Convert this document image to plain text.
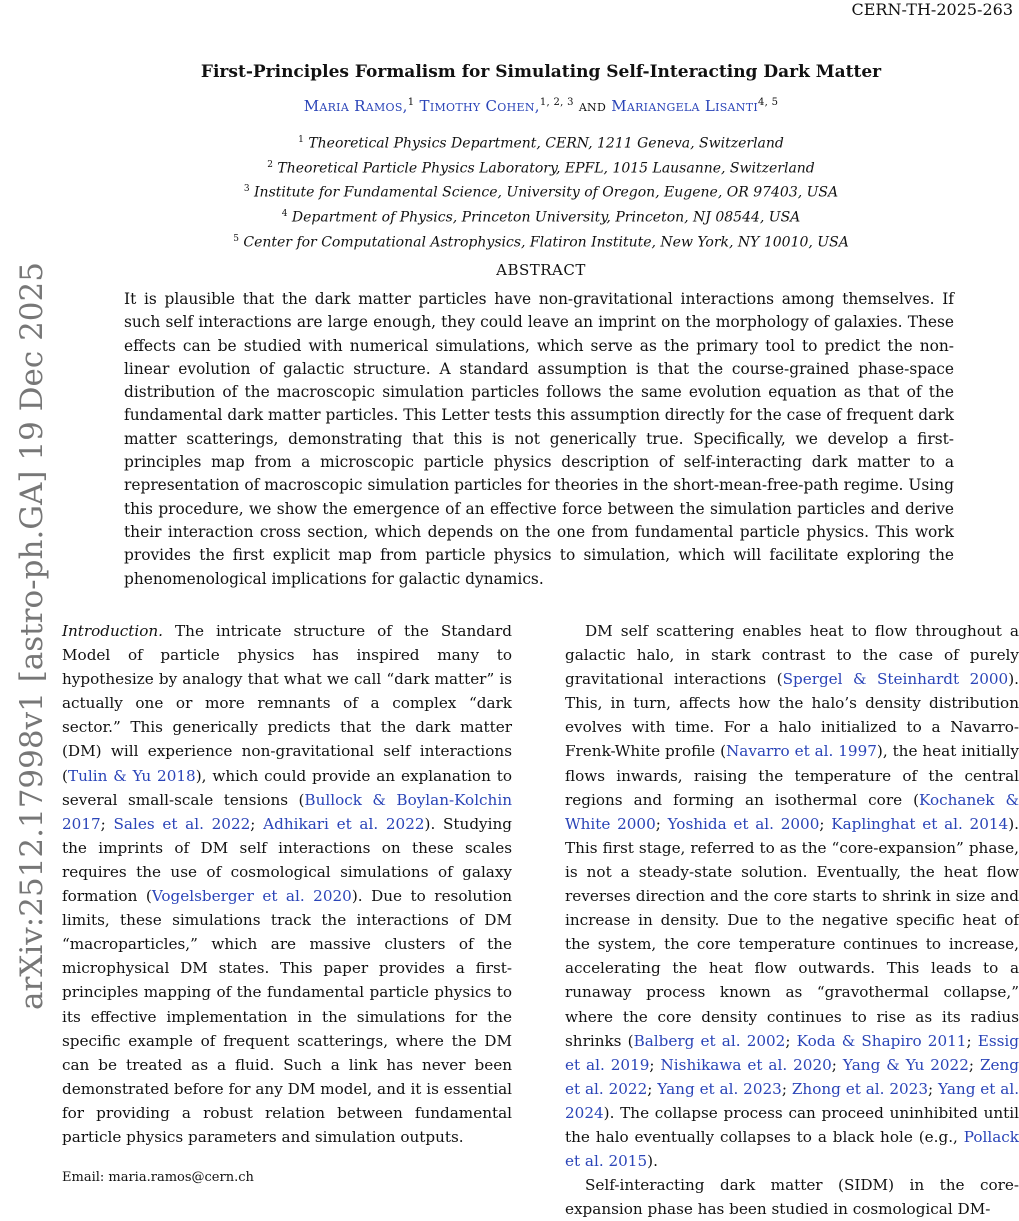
CERN-TH-2025-263
arXiv:2512.17998v1 [astro-ph.GA] 19 Dec 2025
First-Principles Formalism for Simulating Self-Interacting Dark Matter
Maria Ramos,$^1$ Timothy Cohen,$^{1, 2, 3}$ and Mariangela Lisanti$^{4, 5}$
$^1$ Theoretical Physics Department, CERN, 1211 Geneva, Switzerland
$^2$ Theoretical Particle Physics Laboratory, EPFL, 1015 Lausanne, Switzerland
$^3$ Institute for Fundamental Science, University of Oregon, Eugene, OR 97403, USA
$^4$ Department of Physics, Princeton University, Princeton, NJ 08544, USA
$^5$ Center for Computational Astrophysics, Flatiron Institute, New York, NY 10010, USA
ABSTRACT
It is plausible that the dark matter particles have non-gravitational interactions among themselves. If such self interactions are large enough, they could leave an imprint on the morphology of galaxies. These effects can be studied with numerical simulations, which serve as the primary tool to predict the non-linear evolution of galactic structure. A standard assumption is that the course-grained phase-space distribution of the macroscopic simulation particles follows the same evolution equation as that of the fundamental dark matter particles. This Letter tests this assumption directly for the case of frequent dark matter scatterings, demonstrating that this is not generically true. Specifically, we develop a first-principles map from a microscopic particle physics description of self-interacting dark matter to a representation of macroscopic simulation particles for theories in the short-mean-free-path regime. Using this procedure, we show the emergence of an effective force between the simulation particles and derive their interaction cross section, which depends on the one from fundamental particle physics. This work provides the first explicit map from particle physics to simulation, which will facilitate exploring the phenomenological implications for galactic dynamics.

Introduction. The intricate structure of the Standard Model of particle physics has inspired many to hypothesize by analogy that what we call “dark matter” is actually one or more remnants of a complex “dark sector.” This generically predicts that the dark matter (DM) will experience non-gravitational self interactions (Tulin & Yu 2018), which could provide an explanation to several small-scale tensions (Bullock & Boylan-Kolchin 2017; Sales et al. 2022; Adhikari et al. 2022). Studying the imprints of DM self interactions on these scales requires the use of cosmological simulations of galaxy formation (Vogelsberger et al. 2020). Due to resolution limits, these simulations track the interactions of DM “macroparticles,” which are massive clusters of the microphysical DM states. This paper provides a first-principles mapping of the fundamental particle physics to its effective implementation in the simulations for the specific example of frequent scatterings, where the DM can be treated as a fluid. Such a link has never been demonstrated before for any DM model, and it is essential for providing a robust relation between fundamental particle physics parameters and simulation outputs.

DM self scattering enables heat to flow throughout a galactic halo, in stark contrast to the case of purely gravitational interactions (Spergel & Steinhardt 2000). This, in turn, affects how the halo’s density distribution evolves with time. For a halo initialized to a Navarro-Frenk-White profile (Navarro et al. 1997), the heat initially flows inwards, raising the temperature of the central regions and forming an isothermal core (Kochanek & White 2000; Yoshida et al. 2000; Kaplinghat et al. 2014). This first stage, referred to as the “core-expansion” phase, is not a steady-state solution. Eventually, the heat flow reverses direction and the core starts to shrink in size and increase in density. Due to the negative specific heat of the system, the core temperature continues to increase, accelerating the heat flow outwards. This leads to a runaway process known as “gravothermal collapse,” where the core density continues to rise as its radius shrinks (Balberg et al. 2002; Koda & Shapiro 2011; Essig et al. 2019; Nishikawa et al. 2020; Yang & Yu 2022; Zeng et al. 2022; Yang et al. 2023; Zhong et al. 2023; Yang et al. 2024). The collapse process can proceed uninhibited until the halo eventually collapses to a black hole (e.g., Pollack et al. 2015).

Self-interacting dark matter (SIDM) in the core-expansion phase has been studied in cosmological DM-

Email: maria.ramos@cern.ch
